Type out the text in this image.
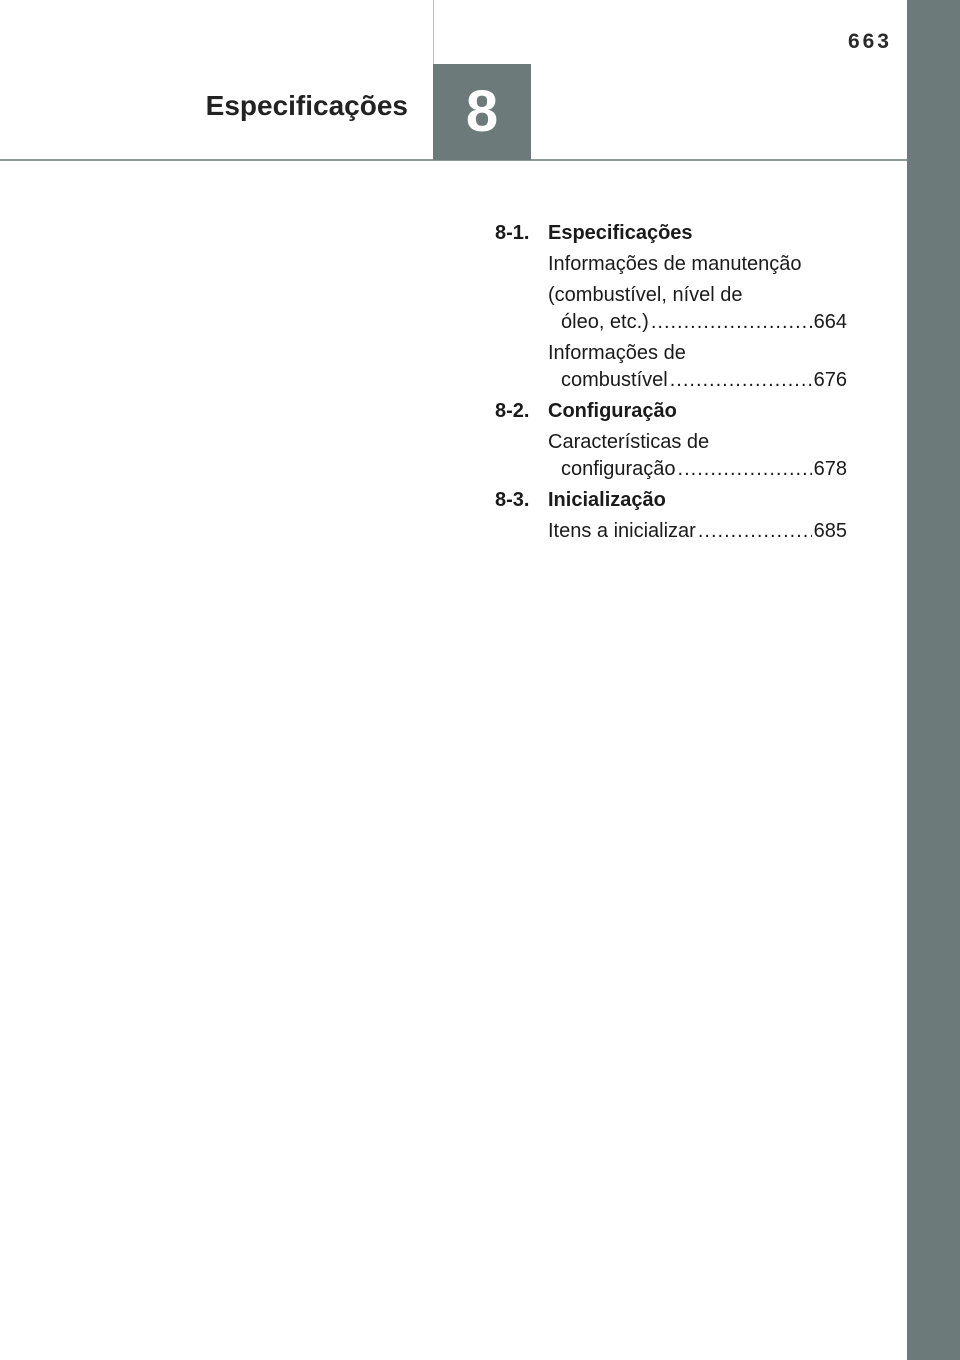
663
Especificações 8
8-1. Especificações
Informações de manutenção
(combustível, nível de
óleo, etc.) .....	664
Informações de
combustível .....	676
8-2. Configuração
Características de
configuração .....	678
8-3. Inicialização
Itens a inicializar .....	685
